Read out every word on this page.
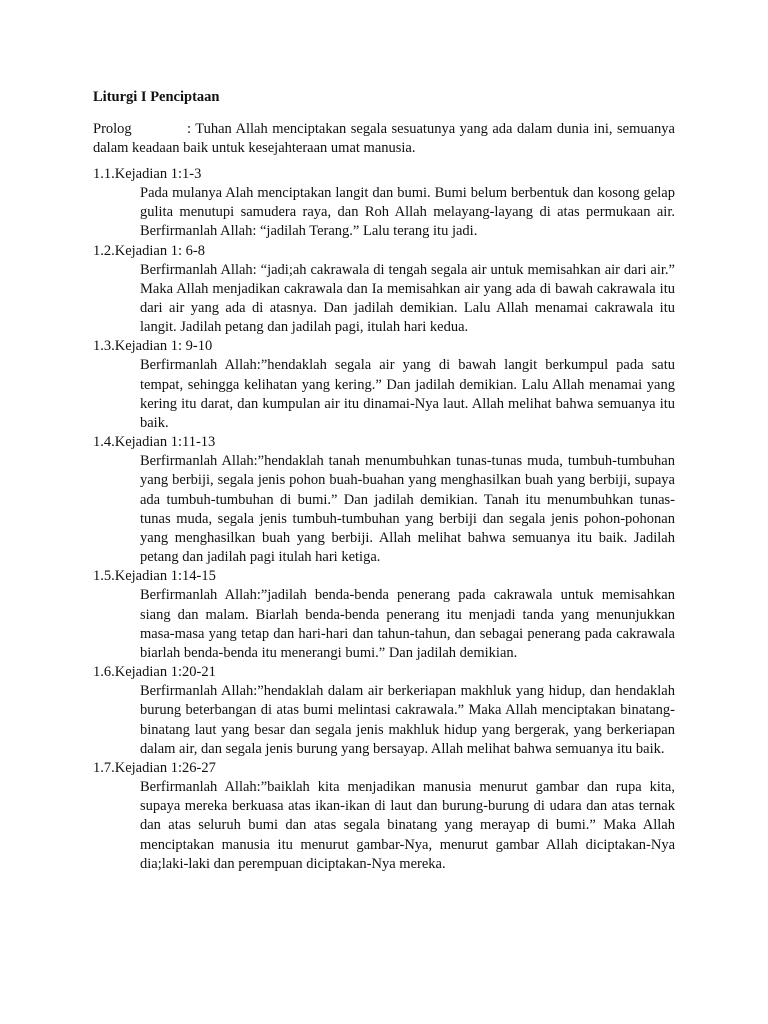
Liturgi I Penciptaan

Prolog	: Tuhan Allah menciptakan segala sesuatunya yang ada dalam dunia ini, semuanya dalam keadaan baik untuk kesejahteraan umat manusia.

1.1.Kejadian 1:1-3

Pada mulanya Alah menciptakan langit dan bumi. Bumi belum berbentuk dan kosong gelap gulita menutupi samudera raya, dan Roh Allah melayang-layang di atas permukaan air. Berfirmanlah Allah: “jadilah Terang.” Lalu terang itu jadi.

1.2.Kejadian 1: 6-8

Berfirmanlah Allah: “jadi;ah cakrawala di tengah segala air untuk memisahkan air dari air.” Maka Allah menjadikan cakrawala dan Ia memisahkan air yang ada di bawah cakrawala itu dari air yang ada di atasnya. Dan jadilah demikian. Lalu Allah menamai cakrawala itu langit. Jadilah petang dan jadilah pagi, itulah hari kedua.

1.3.Kejadian 1: 9-10

Berfirmanlah Allah:”hendaklah segala air yang di bawah langit berkumpul pada satu tempat, sehingga kelihatan yang kering.” Dan jadilah demikian. Lalu Allah menamai yang kering itu darat, dan kumpulan air itu dinamai-Nya laut. Allah melihat bahwa semuanya itu baik.

1.4.Kejadian 1:11-13

Berfirmanlah Allah:”hendaklah tanah menumbuhkan tunas-tunas muda, tumbuh-tumbuhan yang berbiji, segala jenis pohon buah-buahan yang menghasilkan buah yang berbiji, supaya ada tumbuh-tumbuhan di bumi.” Dan jadilah demikian. Tanah itu menumbuhkan tunas-tunas muda, segala jenis tumbuh-tumbuhan yang berbiji dan segala jenis pohon-pohonan yang menghasilkan buah yang berbiji. Allah melihat bahwa semuanya itu baik. Jadilah petang dan jadilah pagi itulah hari ketiga.

1.5.Kejadian 1:14-15

Berfirmanlah Allah:”jadilah benda-benda penerang pada cakrawala untuk memisahkan siang dan malam. Biarlah benda-benda penerang itu menjadi tanda yang menunjukkan masa-masa yang tetap dan hari-hari dan tahun-tahun, dan sebagai penerang pada cakrawala biarlah benda-benda itu menerangi bumi.” Dan jadilah demikian.

1.6.Kejadian 1:20-21

Berfirmanlah Allah:”hendaklah dalam air berkeriapan makhluk yang hidup, dan hendaklah burung beterbangan di atas bumi melintasi cakrawala.” Maka Allah menciptakan binatang-binatang laut yang besar dan segala jenis makhluk hidup yang bergerak, yang berkeriapan dalam air, dan segala jenis burung yang bersayap. Allah melihat bahwa semuanya itu baik.

1.7.Kejadian 1:26-27

Berfirmanlah Allah:”baiklah kita menjadikan manusia menurut gambar dan rupa kita, supaya mereka berkuasa atas ikan-ikan di laut dan burung-burung di udara dan atas ternak dan atas seluruh bumi dan atas segala binatang yang merayap di bumi.” Maka Allah menciptakan manusia itu menurut gambar-Nya, menurut gambar Allah diciptakan-Nya dia;laki-laki dan perempuan diciptakan-Nya mereka.
